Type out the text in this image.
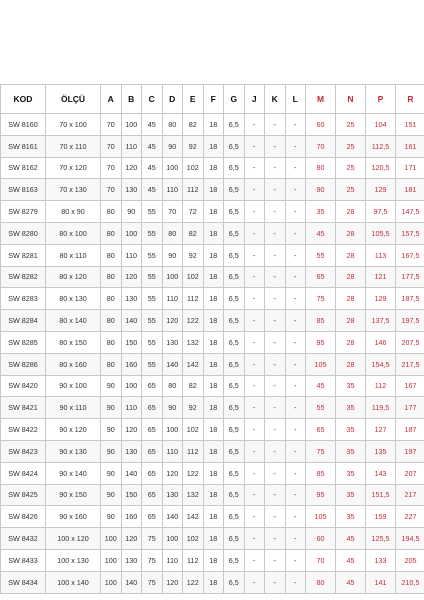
KOD	ÖLÇÜ	A	B	C	D	E	F	G	J	K	L	M	N	P	R
SW 8160	70 x 100	70	100	45	80	82	18	6,5	-	-	-	60	25	104	151
SW 8161	70 x 110	70	110	45	90	92	18	6,5	-	-	-	70	25	112,5	161
SW 8162	70 x 120	70	120	45	100	102	18	6,5	-	-	-	80	25	120,5	171
SW 8163	70 x 130	70	130	45	110	112	18	6,5	-	-	-	90	25	129	181
SW 8279	80 x 90	80	90	55	70	72	18	6,5	-	-	-	35	28	97,5	147,5
SW 8280	80 x 100	80	100	55	80	82	18	6,5	-	-	-	45	28	105,5	157,5
SW 8281	80 x 110	80	110	55	90	92	18	6,5	-	-	-	55	28	113	167,5
SW 8282	80 x 120	80	120	55	100	102	18	6,5	-	-	-	65	28	121	177,5
SW 8283	80 x 130	80	130	55	110	112	18	6,5	-	-	-	75	28	129	187,5
SW 8284	80 x 140	80	140	55	120	122	18	6,5	-	-	-	85	28	137,5	197,5
SW 8285	80 x 150	80	150	55	130	132	18	6,5	-	-	-	95	28	146	207,5
SW 8286	80 x 160	80	160	55	140	142	18	6,5	-	-	-	105	28	154,5	217,5
SW 8420	90 x 100	90	100	65	80	82	18	6,5	-	-	-	45	35	112	167
SW 8421	90 x 110	90	110	65	90	92	18	6,5	-	-	-	55	35	119,5	177
SW 8422	90 x 120	90	120	65	100	102	18	6,5	-	-	-	65	35	127	187
SW 8423	90 x 130	90	130	65	110	112	18	6,5	-	-	-	75	35	135	197
SW 8424	90 x 140	90	140	65	120	122	18	6,5	-	-	-	85	35	143	207
SW 8425	90 x 150	90	150	65	130	132	18	6,5	-	-	-	95	35	151,5	217
SW 8426	90 x 160	90	160	65	140	142	18	6,5	-	-	-	105	35	159	227
SW 8432	100 x 120	100	120	75	100	102	18	6,5	-	-	-	60	45	125,5	194,5
SW 8433	100 x 130	100	130	75	110	112	18	6,5	-	-	-	70	45	133	205
SW 8434	100 x 140	100	140	75	120	122	18	6,5	-	-	-	80	45	141	210,5
